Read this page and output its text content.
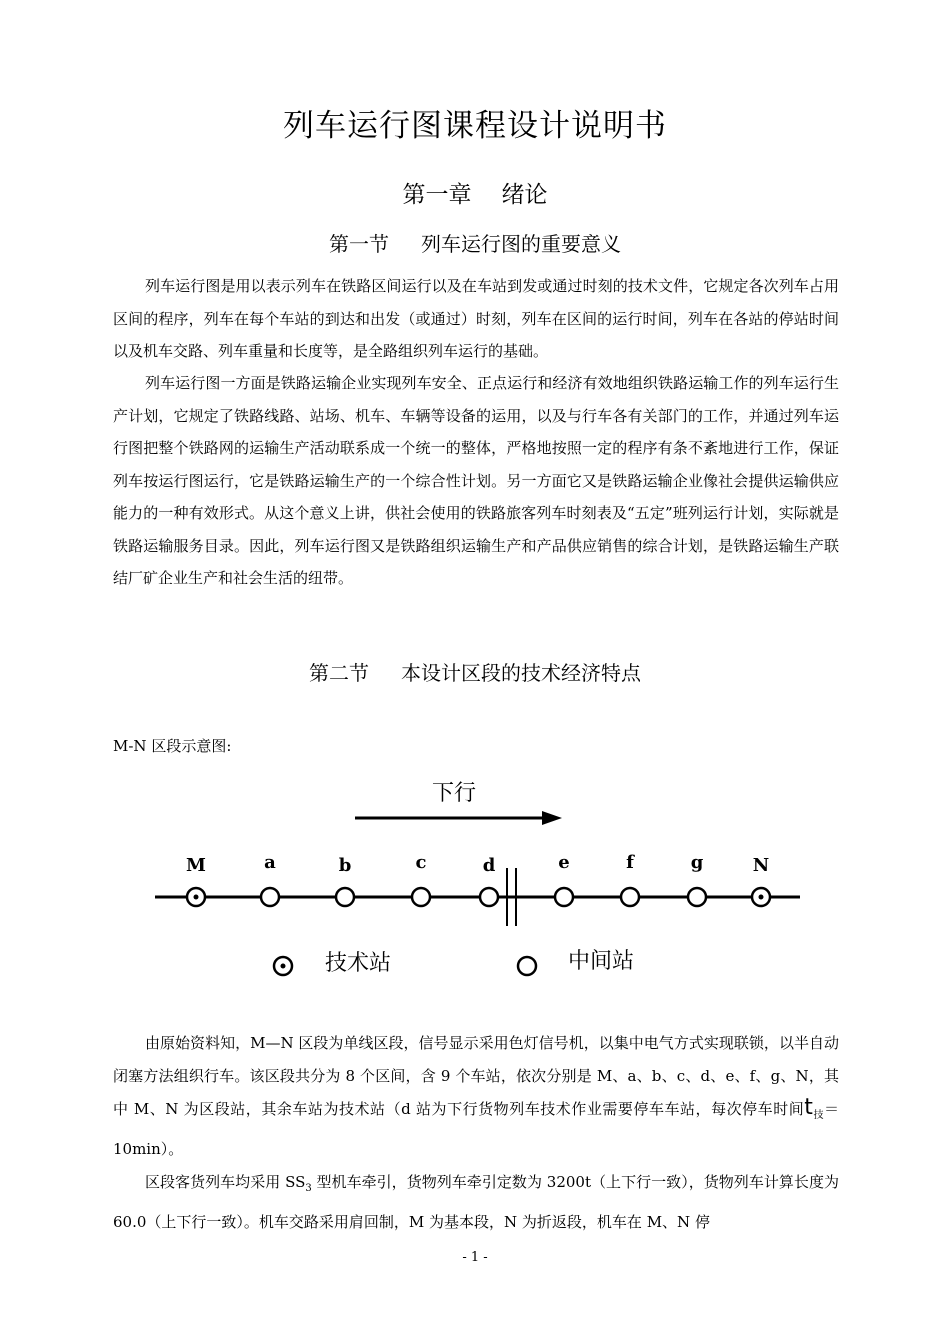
列车运行图课程设计说明书
第一章 绪论
第一节 列车运行图的重要意义

列车运行图是用以表示列车在铁路区间运行以及在车站到发或通过时刻的技术文件，它规定各次列车占用区间的程序，列车在每个车站的到达和出发（或通过）时刻，列车在区间的运行时间，列车在各站的停站时间以及机车交路、列车重量和长度等，是全路组织列车运行的基础。

列车运行图一方面是铁路运输企业实现列车安全、正点运行和经济有效地组织铁路运输工作的列车运行生产计划，它规定了铁路线路、站场、机车、车辆等设备的运用，以及与行车各有关部门的工作，并通过列车运行图把整个铁路网的运输生产活动联系成一个统一的整体，严格地按照一定的程序有条不紊地进行工作，保证列车按运行图运行，它是铁路运输生产的一个综合性计划。另一方面它又是铁路运输企业像社会提供运输供应能力的一种有效形式。从这个意义上讲，供社会使用的铁路旅客列车时刻表及“五定”班列运行计划，实际就是铁路运输服务目录。因此，列车运行图又是铁路组织运输生产和产品供应销售的综合计划，是铁路运输生产联结厂矿企业生产和社会生活的纽带。

第二节 本设计区段的技术经济特点
M-N 区段示意图:
下行
M	a	b	c	d	e	f	g	N
技术站	中间站

由原始资料知，M—N 区段为单线区段，信号显示采用色灯信号机，以集中电气方式实现联锁，以半自动闭塞方法组织行车。该区段共分为 8 个区间，含 9 个车站，依次分别是 M、a、b、c、d、e、f、g、N，其中 M、N 为区段站，其余车站为技术站（d 站为下行货物列车技术作业需要停车车站，每次停车时间$t_技=10\min$）。

区段客货列车均采用 $SS_3$ 型机车牵引，货物列车牵引定数为 3200t（上下行一致），货物列车计算长度为 60.0（上下行一致）。机车交路采用肩回制，M 为基本段，N 为折返段，机车在 M、N 停

- 1 -
